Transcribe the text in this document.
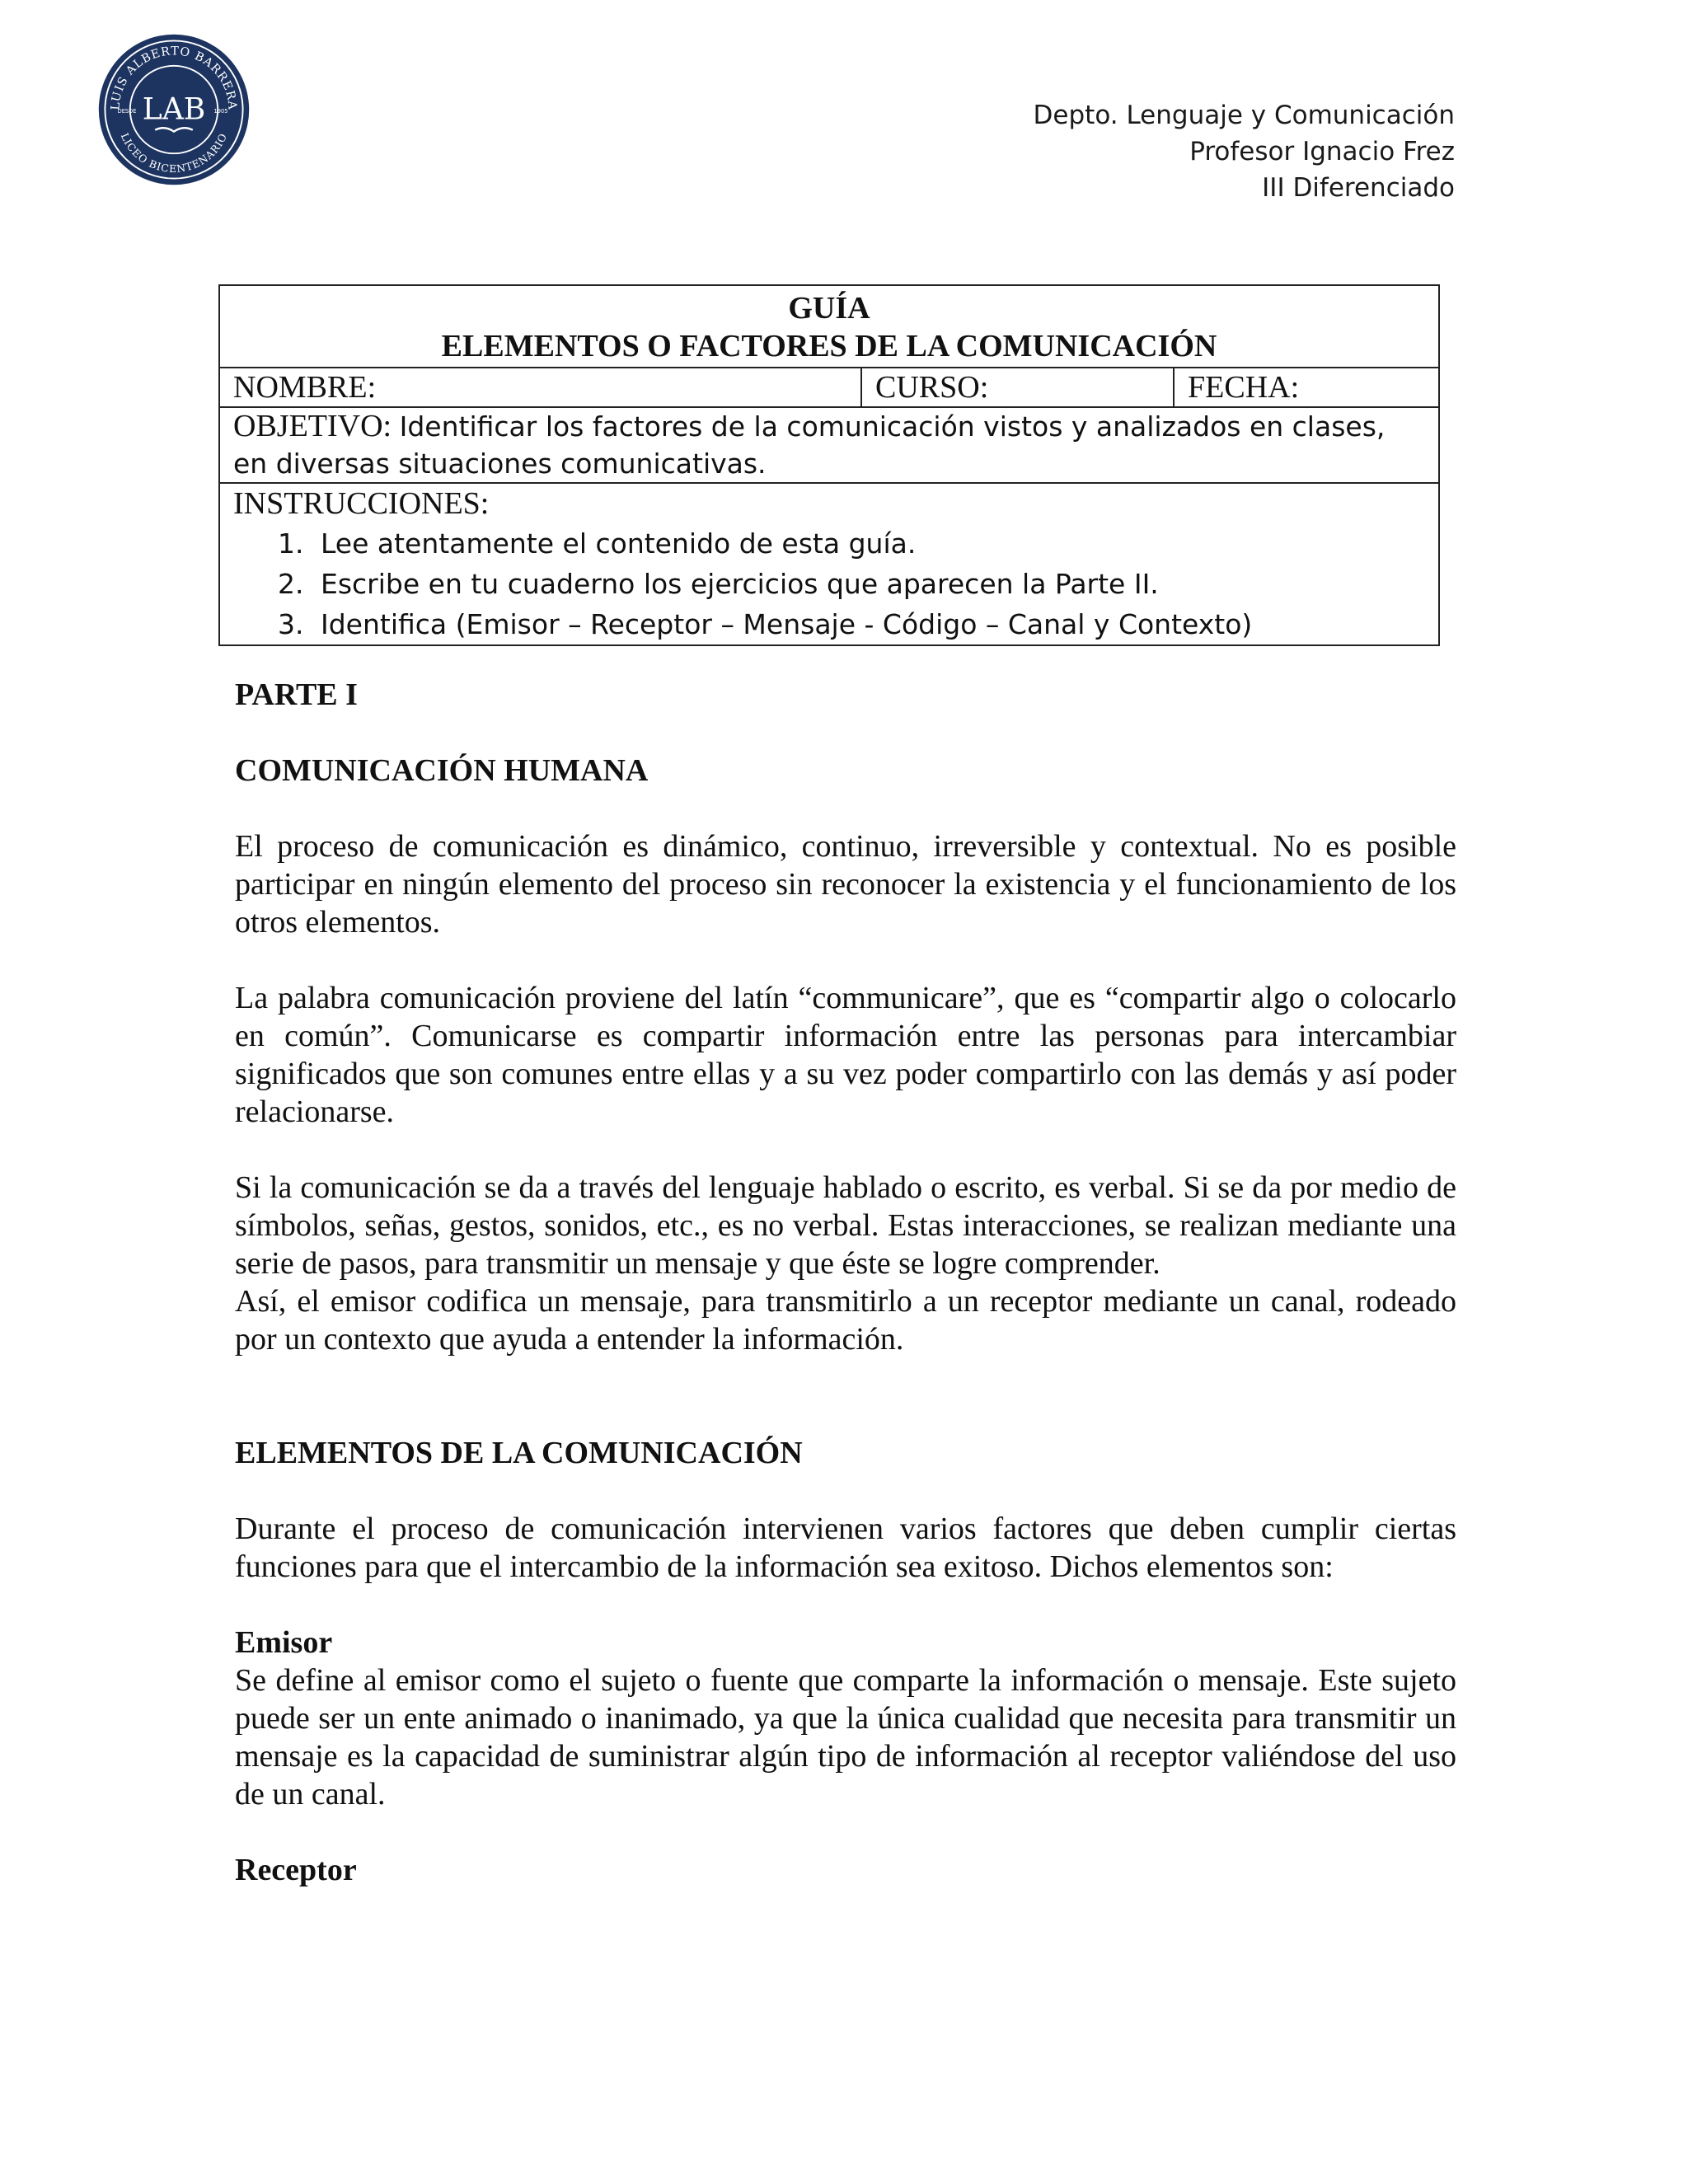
LUIS ALBERTO BARRERA
LICEO BICENTENARIO
LAB
DESDE	1905	Depto. Lenguaje y Comunicación
Profesor Ignacio Frez
III Diferenciado
GUÍA
ELEMENTOS O FACTORES DE LA COMUNICACIÓN

NOMBRE:	CURSO:	FECHA:
OBJETIVO: Identificar los factores de la comunicación vistos y analizados en clases, en diversas situaciones comunicativas.

INSTRUCCIONES:
1. Lee atentamente el contenido de esta guía.
2. Escribe en tu cuaderno los ejercicios que aparecen la Parte II.
3. Identifica (Emisor – Receptor – Mensaje - Código – Canal y Contexto)
PARTE I
COMUNICACIÓN HUMANA

El proceso de comunicación es dinámico, continuo, irreversible y contextual. No es posible participar en ningún elemento del proceso sin reconocer la existencia y el funcionamiento de los otros elementos.

La palabra comunicación proviene del latín “communicare”, que es “compartir algo o colocarlo en común”. Comunicarse es compartir información entre las personas para intercambiar significados que son comunes entre ellas y a su vez poder compartirlo con las demás y así poder relacionarse.

Si la comunicación se da a través del lenguaje hablado o escrito, es verbal. Si se da por medio de símbolos, señas, gestos, sonidos, etc., es no verbal. Estas interacciones, se realizan mediante una serie de pasos, para transmitir un mensaje y que éste se logre comprender.

Así, el emisor codifica un mensaje, para transmitirlo a un receptor mediante un canal, rodeado por un contexto que ayuda a entender la información.

ELEMENTOS DE LA COMUNICACIÓN

Durante el proceso de comunicación intervienen varios factores que deben cumplir ciertas funciones para que el intercambio de la información sea exitoso. Dichos elementos son:

Emisor

Se define al emisor como el sujeto o fuente que comparte la información o mensaje. Este sujeto puede ser un ente animado o inanimado, ya que la única cualidad que necesita para transmitir un mensaje es la capacidad de suministrar algún tipo de información al receptor valiéndose del uso de un canal.

Receptor
